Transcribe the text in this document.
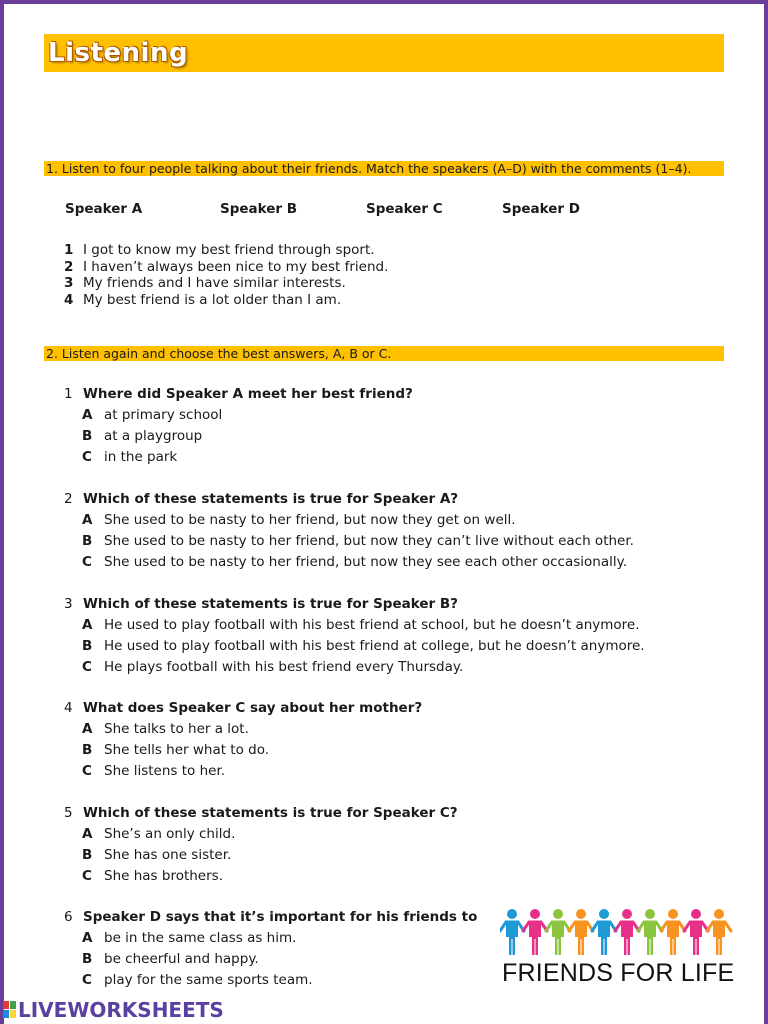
Listening
1. Listen to four people talking about their friends. Match the speakers (A–D) with the comments (1–4).
Speaker A	Speaker B	Speaker C	Speaker D
1 I got to know my best friend through sport.
2 I haven’t always been nice to my best friend.
3 My friends and I have similar interests.
4 My best friend is a lot older than I am.
2. Listen again and choose the best answers, A, B or C.
1 Where did Speaker A meet her best friend?
A at primary school
B at a playgroup
C in the park
2 Which of these statements is true for Speaker A?
A She used to be nasty to her friend, but now they get on well.
B She used to be nasty to her friend, but now they can’t live without each other.
C She used to be nasty to her friend, but now they see each other occasionally.
3 Which of these statements is true for Speaker B?
A He used to play football with his best friend at school, but he doesn’t anymore.
B He used to play football with his best friend at college, but he doesn’t anymore.
C He plays football with his best friend every Thursday.
4 What does Speaker C say about her mother?
A She talks to her a lot.
B She tells her what to do.
C She listens to her.
5 Which of these statements is true for Speaker C?
A She’s an only child.
B She has one sister.
C She has brothers.
6 Speaker D says that it’s important for his friends to
A be in the same class as him.
B be cheerful and happy.
C play for the same sports team.	FRIENDS FOR LIFE
LIVEWORKSHEETS
